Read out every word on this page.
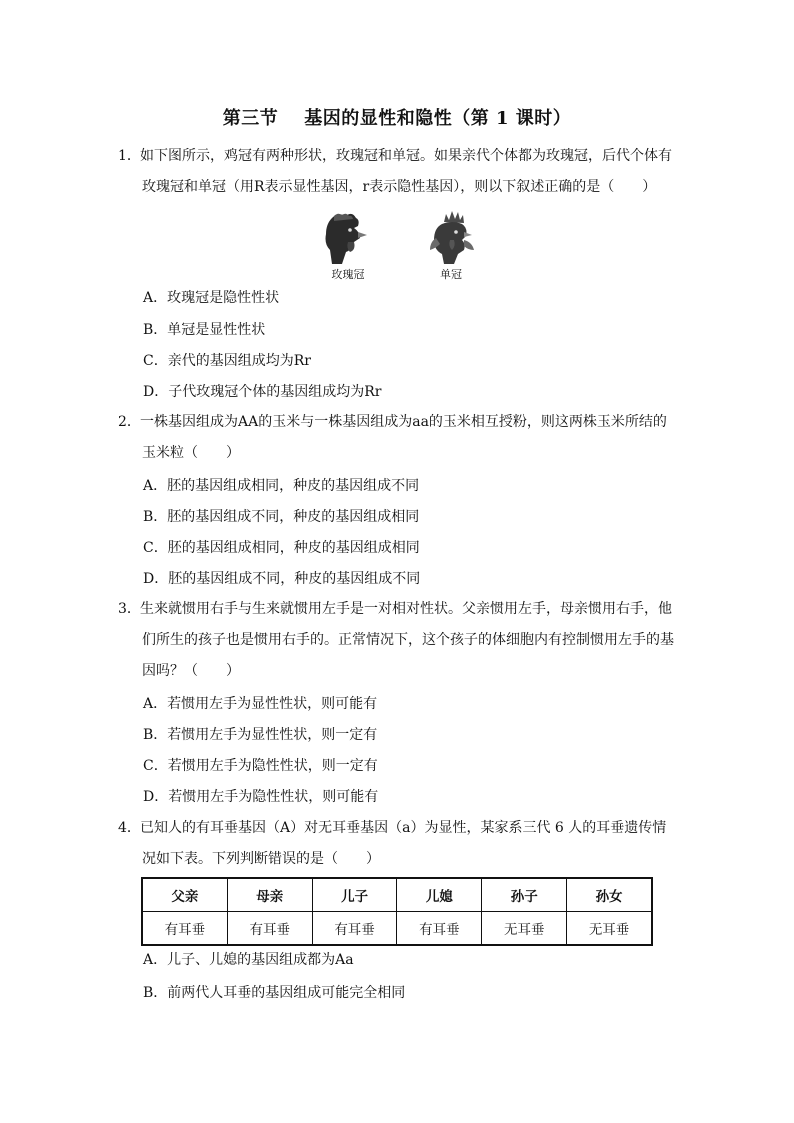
第三节 基因的显性和隐性（第 1 课时）
1．如下图所示，鸡冠有两种形状，玫瑰冠和单冠。如果亲代个体都为玫瑰冠，后代个体有
玫瑰冠和单冠（用R表示显性基因，r表示隐性基因），则以下叙述正确的是（　　）
玫瑰冠	单冠
A．玫瑰冠是隐性性状
B．单冠是显性性状
C．亲代的基因组成均为Rr
D．子代玫瑰冠个体的基因组成均为Rr
2．一株基因组成为AA的玉米与一株基因组成为aa的玉米相互授粉，则这两株玉米所结的
玉米粒（　　）
A．胚的基因组成相同，种皮的基因组成不同
B．胚的基因组成不同，种皮的基因组成相同
C．胚的基因组成相同，种皮的基因组成相同
D．胚的基因组成不同，种皮的基因组成不同
3．生来就惯用右手与生来就惯用左手是一对相对性状。父亲惯用左手，母亲惯用右手，他
们所生的孩子也是惯用右手的。正常情况下，这个孩子的体细胞内有控制惯用左手的基
因吗？（　　）
A．若惯用左手为显性性状，则可能有
B．若惯用左手为显性性状，则一定有
C．若惯用左手为隐性性状，则一定有
D．若惯用左手为隐性性状，则可能有
4．已知人的有耳垂基因（A）对无耳垂基因（a）为显性，某家系三代 6 人的耳垂遗传情
况如下表。下列判断错误的是（　　）
父亲	母亲	儿子	儿媳	孙子	孙女
有耳垂	有耳垂	有耳垂	有耳垂	无耳垂	无耳垂
A．儿子、儿媳的基因组成都为Aa
B．前两代人耳垂的基因组成可能完全相同
